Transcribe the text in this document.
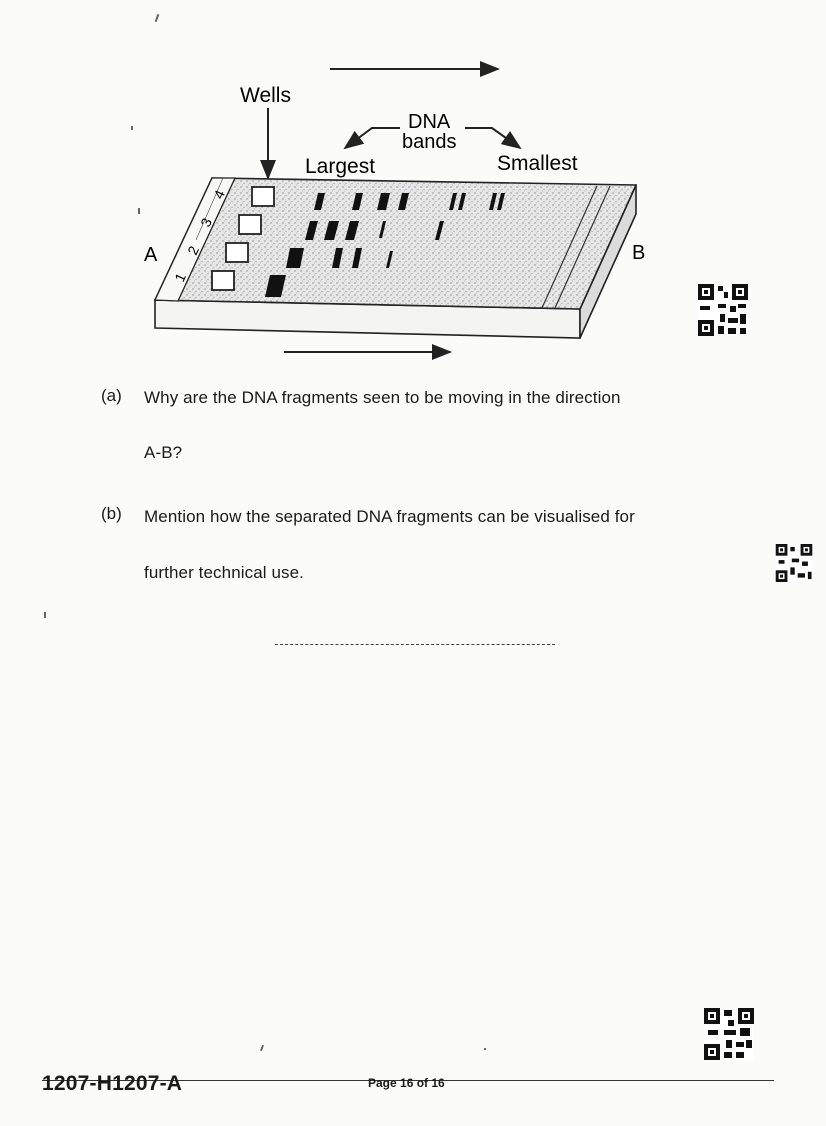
Wells
DNA
bands
Largest	Smallest
4
3
2
1
A	B
(a) Why are the DNA fragments seen to be moving in the direction
A-B?
(b) Mention how the separated DNA fragments can be visualised for
further technical use.
1207-H1207-A	Page 16 of 16
